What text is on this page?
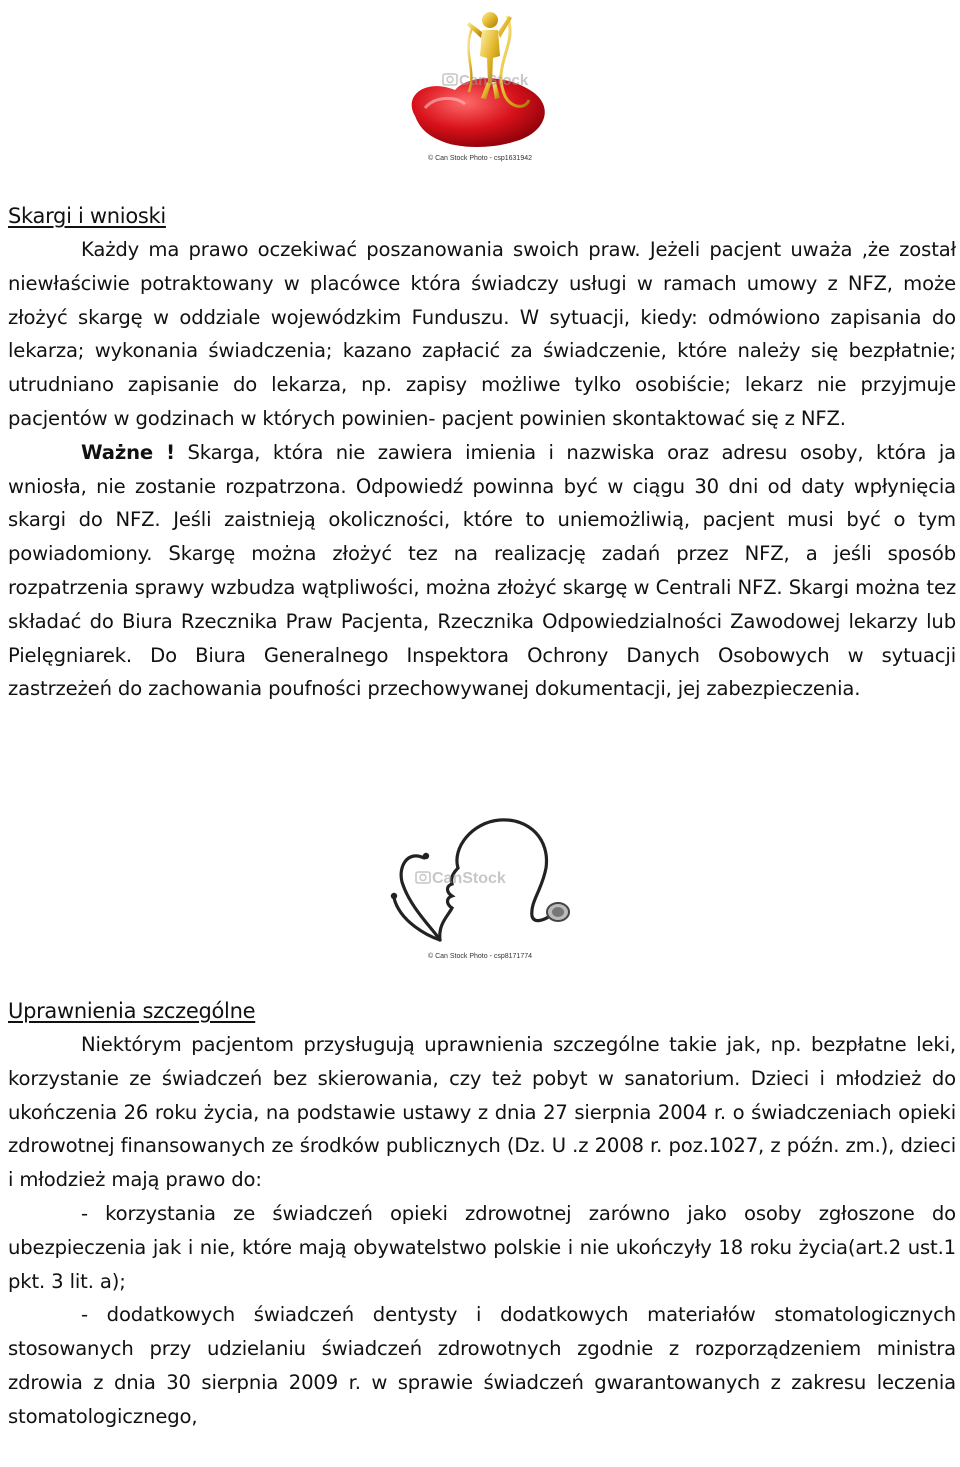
CanStock
© Can Stock Photo - csp1631942
Skargi i wnioski

Każdy ma prawo oczekiwać poszanowania swoich praw. Jeżeli pacjent uważa ,że został niewłaściwie potraktowany w placówce która świadczy usługi w ramach umowy z NFZ, może złożyć skargę w oddziale wojewódzkim Funduszu. W sytuacji, kiedy: odmówiono zapisania do lekarza; wykonania świadczenia; kazano zapłacić za świadczenie, które należy się bezpłatnie; utrudniano zapisanie do lekarza, np. zapisy możliwe tylko osobiście; lekarz nie przyjmuje pacjentów w godzinach w których powinien- pacjent powinien skontaktować się z NFZ.

Ważne ! Skarga, która nie zawiera imienia i nazwiska oraz adresu osoby, która ja wniosła, nie zostanie rozpatrzona. Odpowiedź powinna być w ciągu 30 dni od daty wpłynięcia skargi do NFZ. Jeśli zaistnieją okoliczności, które to uniemożliwią, pacjent musi być o tym powiadomiony. Skargę można złożyć tez na realizację zadań przez NFZ, a jeśli sposób rozpatrzenia sprawy wzbudza wątpliwości, można złożyć skargę w Centrali NFZ. Skargi można tez składać do Biura Rzecznika Praw Pacjenta, Rzecznika Odpowiedzialności Zawodowej lekarzy lub Pielęgniarek. Do Biura Generalnego Inspektora Ochrony Danych Osobowych w sytuacji zastrzeżeń do zachowania poufności przechowywanej dokumentacji, jej zabezpieczenia.

CanStock
© Can Stock Photo - csp8171774
Uprawnienia szczególne

Niektórym pacjentom przysługują uprawnienia szczególne takie jak, np. bezpłatne leki, korzystanie ze świadczeń bez skierowania, czy też pobyt w sanatorium. Dzieci i młodzież do ukończenia 26 roku życia, na podstawie ustawy z dnia 27 sierpnia 2004 r. o świadczeniach opieki zdrowotnej finansowanych ze środków publicznych (Dz. U .z 2008 r. poz.1027, z późn. zm.), dzieci i młodzież mają prawo do:

- korzystania ze świadczeń opieki zdrowotnej zarówno jako osoby zgłoszone do ubezpieczenia jak i nie, które mają obywatelstwo polskie i nie ukończyły 18 roku życia(art.2 ust.1 pkt. 3 lit. a);

- dodatkowych świadczeń dentysty i dodatkowych materiałów stomatologicznych stosowanych przy udzielaniu świadczeń zdrowotnych zgodnie z rozporządzeniem ministra zdrowia z dnia 30 sierpnia 2009 r. w sprawie świadczeń gwarantowanych z zakresu leczenia stomatologicznego,
